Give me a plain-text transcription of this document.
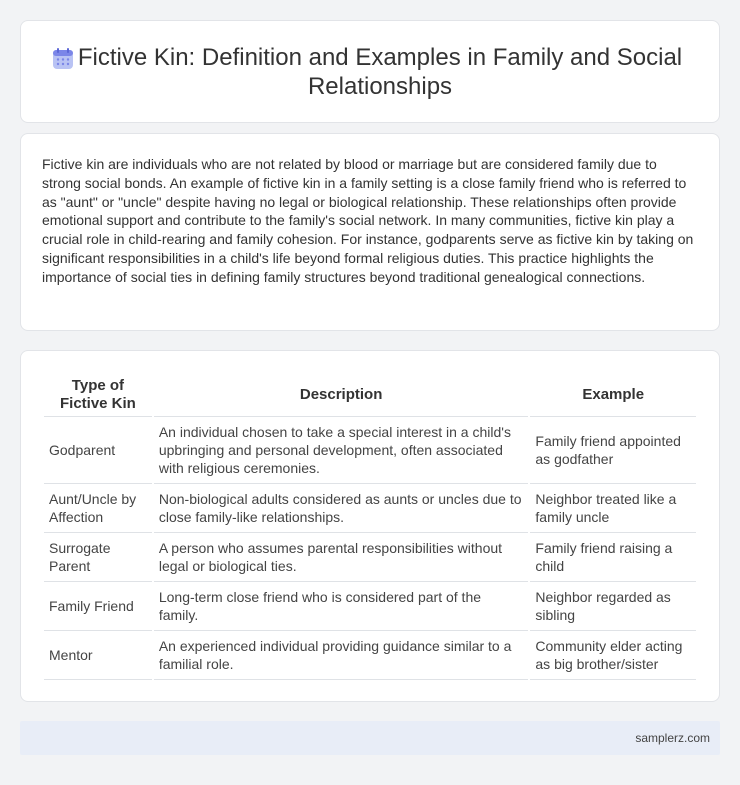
Fictive Kin: Definition and Examples in Family and Social Relationships

Fictive kin are individuals who are not related by blood or marriage but are considered family due to strong social bonds. An example of fictive kin in a family setting is a close family friend who is referred to as "aunt" or "uncle" despite having no legal or biological relationship. These relationships often provide emotional support and contribute to the family's social network. In many communities, fictive kin play a crucial role in child-rearing and family cohesion. For instance, godparents serve as fictive kin by taking on significant responsibilities in a child's life beyond formal religious duties. This practice highlights the importance of social ties in defining family structures beyond traditional genealogical connections.

Type of Fictive Kin	Description	Example
Godparent	An individual chosen to take a special interest in a child's upbringing and personal development, often associated with religious ceremonies.	Family friend appointed as godfather
Aunt/Uncle by Affection	Non-biological adults considered as aunts or uncles due to close family-like relationships.	Neighbor treated like a family uncle
Surrogate Parent	A person who assumes parental responsibilities without legal or biological ties.	Family friend raising a child
Family Friend	Long-term close friend who is considered part of the family.	Neighbor regarded as sibling
Mentor	An experienced individual providing guidance similar to a familial role.	Community elder acting as big brother/sister
samplerz.com
